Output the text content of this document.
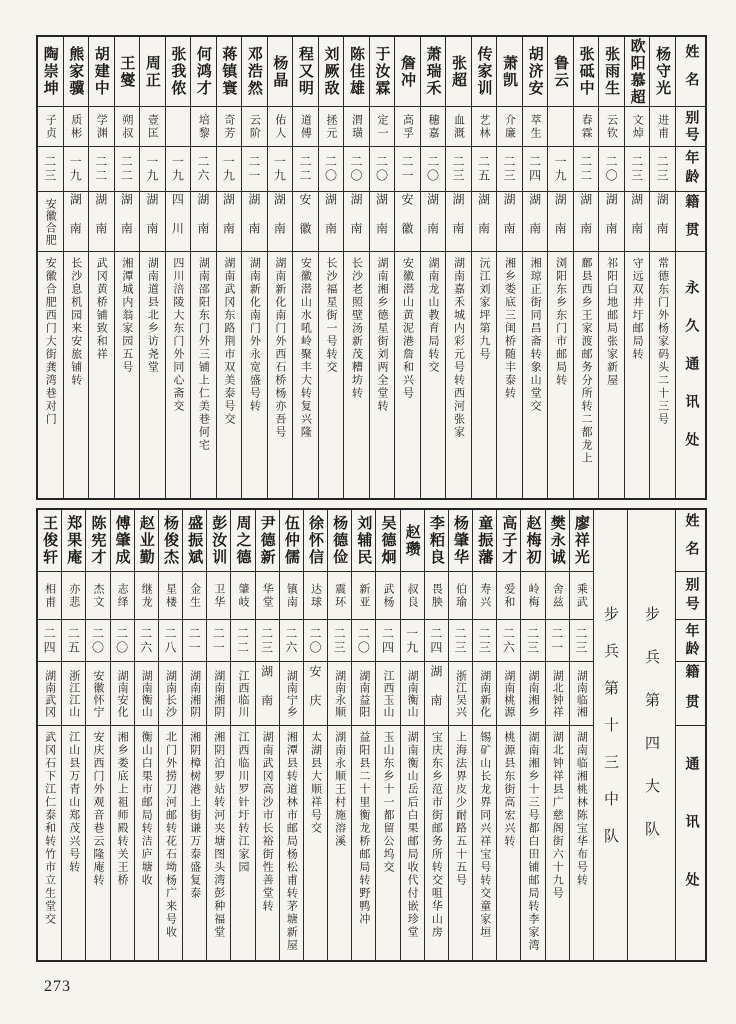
陶崇坤
子贞
二三
安徽合肥
安徽合肥西门大街龚湾巷对门
熊家骥
质彬
一九
湖南
长沙息机园来安旅铺转
胡建中
学渊
二二
湖南
武冈黄桥铺致和祥
王燮
朔叔
二二
湖南
湘潭城内翁家园五号
周正
壹匡
一九
湖南
湖南道县北乡访尧堂
张我侬
一九
四川
四川涪陵大东门外同心斋交
何鸿才
培黎
二六
湖南
湖南邵阳东门外三铺上仁美巷何宅
蒋镇寰
奇芳
一九
湖南
湖南武冈东路荆市双美泰号交
邓浩然
云阶
二一
湖南
湖南新化南门外永宽盛号转
杨晶
佑人
一九
湖南
湖南新化南门外西石桥杨亦吾号
程又明
道傅
二二
安徽
安徽潜山水吼岭聚丰大转复兴隆
刘厥敌
拯元
二〇
湖南
长沙福星街一号转交
陈佳雄
渭璜
二〇
湖南
长沙老照壁汤新茂糟坊转
于汝霖
定一
二〇
湖南
湖南湘乡德星街刘两全堂转
詹冲
高孚
二一
安徽
安徽潜山黄泥港詹和兴号
萧瑞禾
穗嘉
二〇
湖南
湖南龙山教育局转交
张超
血溉
二三
湖南
湖南嘉禾城内彩元号转西河张家
传家训
艺林
二五
湖南
沅江刘家坪第九号
萧凯
介廉
二三
湖南
湘乡娄底三闺桥随丰泰转
胡济安
萃生
二四
湖南
湘琼正街同昌斋转象山堂交
鲁云
一九
湖南
浏阳东乡东门市邮局转
张砥中
春霖
二二
湖南
鄜县西乡王家渡邮务分所转二都龙上
张雨生
云钦
二〇
湖南
祁阳白地邮局张家新屋
欧阳慕超
文焯
二三
湖南
守远双井圩邮局转
杨守光
进甫
二三
湖南
常德东门外杨家码头二十三号
姓名
别号
年龄
籍贯
永久通讯处
王俊轩
相甫
二四
湖南武冈
武冈石下江仁泰和转竹市立生堂交
郑果庵
亦悲
二五
浙江江山
江山县万青山郑茂兴号转
陈宪才
杰文
二〇
安徽怀宁
安庆西门外观音巷云隆庵转
傅肇成
志绎
二〇
湖南安化
湘乡娄底上祖师殿转关王桥
赵业勤
继龙
二六
湖南衡山
衡山白果市邮局转洁庐塘收
杨俊杰
星楼
二八
湖南长沙
北门外捞刀河邮转花石坳杨广来号收
盛振斌
金生
二一
湖南湘阴
湘阴樟树港上街谦万泰盛复泰
彭汝训
卫华
二一
湖南湘阴
湘阴泊罗站转河夹塘图头湾彭种福堂
周之德
肇岐
二二
江西临川
江西临川罗针圩转江家园
尹德新
华堂
二三
湖南
湖南武冈高沙市长裕街性善堂转
伍仲儒
镇南
二六
湖南宁乡
湘潭县转道林市邮局杨松甫转茅塘新屋
徐怀信
达球
二〇
安庆
太湖县大顺祥号交
杨德俭
震环
二三
湖南永顺
湖南永顺王村施溶溪
刘辅民
新亚
二〇
湖南益阳
益阳县二十里衡龙桥邮局转野鸭冲
吴德炯
武杨
二四
江西玉山
玉山东乡十一都留公坞交
赵瓒
叔良
一九
湖南衡山
湖南衡山岳后白果邮局收代付嵌珍堂
李粨良
畏胦
二四
湖南
宝庆东乡范市街邮务所转交咀华山房
杨肇华
伯瑜
二三
浙江吴兴
上海法界皮少耐路五十五号
童振藩
寿兴
二三
湖南新化
锡矿山长龙界同兴祥宝号转交童家垣
高子才
爱和
二六
湖南桃源
桃源县东街高宏兴转
赵梅初
岭梅
二三
湖南湘乡
湖南湘乡十三号都白田铺邮局转李家湾
樊永诚
舍兹
二一
湖北钟祥
湖北钟祥县广慈阁街六十九号
廖祥光
乘武
二三
湖南临湘
湖南临湘桃林陈宝华布号转 步兵第十三中队	步兵第四大队
姓名
别号
年龄
籍贯
通讯处
273
